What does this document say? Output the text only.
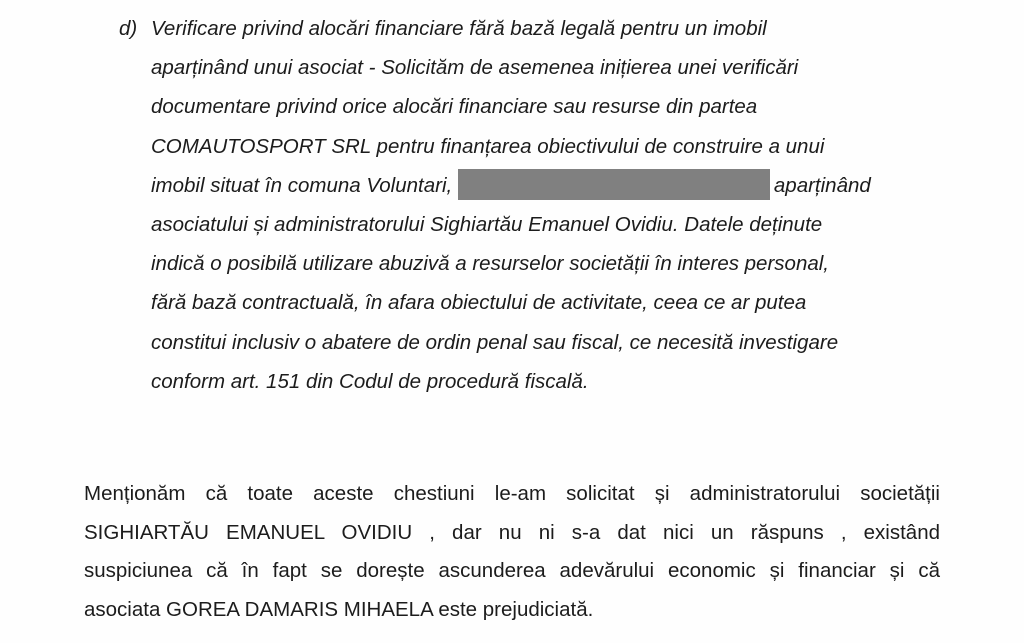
d) Verificare privind alocări financiare fără bază legală pentru un imobil
aparținând unui asociat - Solicităm de asemenea inițierea unei verificări
documentare privind orice alocări financiare sau resurse din partea
COMAUTOSPORT SRL pentru finanțarea obiectivului de construire a unui
imobil situat în comuna Voluntari,	aparținând
asociatului și administratorului Sighiartău Emanuel Ovidiu. Datele deținute
indică o posibilă utilizare abuzivă a resurselor societății în interes personal,
fără bază contractuală, în afara obiectului de activitate, ceea ce ar putea
constitui inclusiv o abatere de ordin penal sau fiscal, ce necesită investigare
conform art. 151 din Codul de procedură fiscală.
Menționăm că toate aceste chestiuni le-am solicitat și administratorului societății
SIGHIARTĂU EMANUEL OVIDIU , dar nu ni s-a dat nici un răspuns , existând
suspiciunea că în fapt se dorește ascunderea adevărului economic și financiar și că
asociata GOREA DAMARIS MIHAELA este prejudiciată.
